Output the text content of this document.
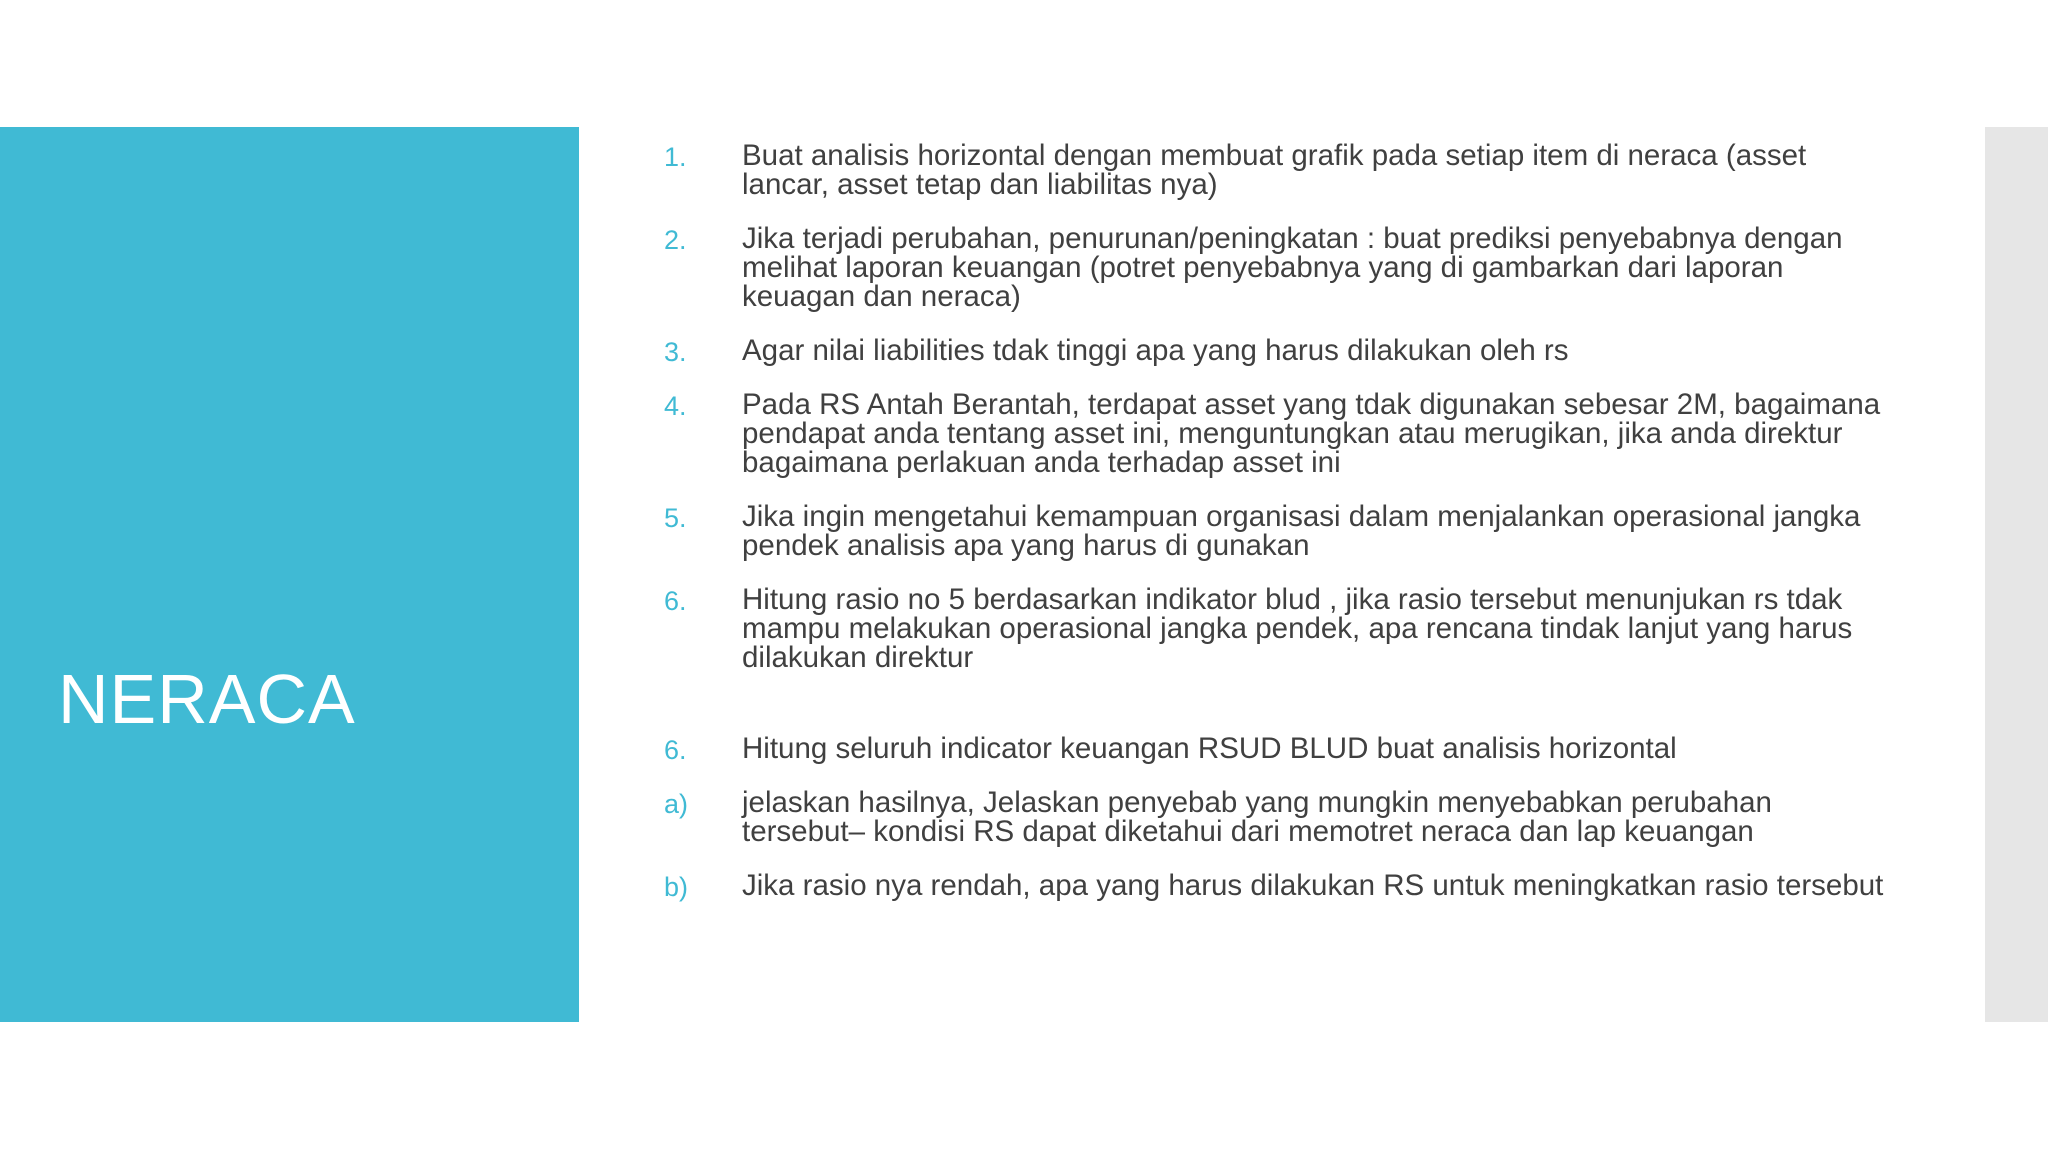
NERACA
1.	Buat analisis horizontal dengan membuat grafik pada setiap item di neraca (asset lancar, asset tetap dan liabilitas nya)
2.	Jika terjadi perubahan, penurunan/peningkatan : buat prediksi penyebabnya dengan melihat laporan keuangan (potret penyebabnya yang di gambarkan dari laporan keuagan dan neraca)
3.	Agar nilai liabilities tdak tinggi apa yang harus dilakukan oleh rs
4.	Pada RS Antah Berantah, terdapat asset yang tdak digunakan sebesar 2M, bagaimana pendapat anda tentang asset ini, menguntungkan atau merugikan, jika anda direktur bagaimana perlakuan anda terhadap asset ini
5.	Jika ingin mengetahui kemampuan organisasi dalam menjalankan operasional jangka pendek analisis apa yang harus di gunakan
6.	Hitung rasio no 5 berdasarkan indikator blud , jika rasio tersebut menunjukan rs tdak mampu melakukan operasional jangka pendek, apa rencana tindak lanjut yang harus dilakukan direktur
6.	Hitung seluruh indicator keuangan RSUD BLUD buat analisis horizontal
a)	jelaskan hasilnya, Jelaskan penyebab yang mungkin menyebabkan perubahan tersebut– kondisi RS dapat diketahui dari memotret neraca dan lap keuangan
b)	Jika rasio nya rendah, apa yang harus dilakukan RS untuk meningkatkan rasio tersebut
